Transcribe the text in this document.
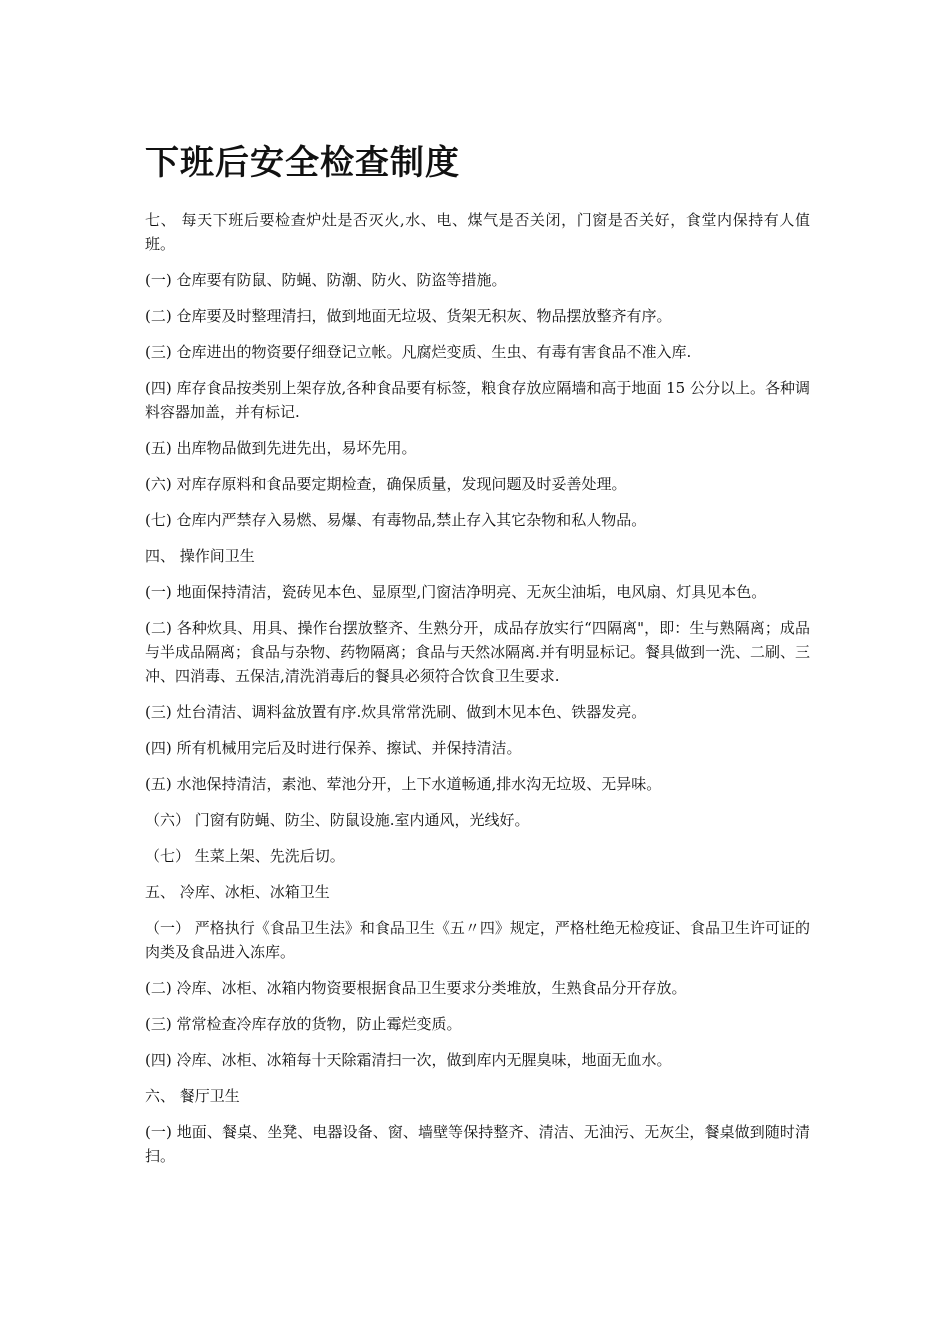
下班后安全检查制度

七、 每天下班后要检查炉灶是否灭火,水、电、煤气是否关闭，门窗是否关好，食堂内保持有人值班。

(一) 仓库要有防鼠、防蝇、防潮、防火、防盗等措施。

(二) 仓库要及时整理清扫，做到地面无垃圾、货架无积灰、物品摆放整齐有序。

(三) 仓库进出的物资要仔细登记立帐。凡腐烂变质、生虫、有毒有害食品不准入库.

(四) 库存食品按类别上架存放,各种食品要有标签，粮食存放应隔墙和高于地面 15 公分以上。各种调料容器加盖，并有标记.

(五) 出库物品做到先进先出，易坏先用。

(六) 对库存原料和食品要定期检查，确保质量，发现问题及时妥善处理。

(七) 仓库内严禁存入易燃、易爆、有毒物品,禁止存入其它杂物和私人物品。

四、 操作间卫生

(一) 地面保持清洁，瓷砖见本色、显原型,门窗洁净明亮、无灰尘油垢，电风扇、灯具见本色。

(二) 各种炊具、用具、操作台摆放整齐、生熟分开，成品存放实行“四隔离"，即：生与熟隔离；成品与半成品隔离；食品与杂物、药物隔离；食品与天然冰隔离.并有明显标记。餐具做到一洗、二刷、三冲、四消毒、五保洁,清洗消毒后的餐具必须符合饮食卫生要求.

(三) 灶台清洁、调料盆放置有序.炊具常常洗刷、做到木见本色、铁器发亮。

(四) 所有机械用完后及时进行保养、擦试、并保持清洁。

(五) 水池保持清洁，素池、荤池分开，上下水道畅通,排水沟无垃圾、无异味。

（六） 门窗有防蝇、防尘、防鼠设施.室内通风，光线好。

（七） 生菜上架、先洗后切。

五、 冷库、冰柜、冰箱卫生

（一） 严格执行《食品卫生法》和食品卫生《五〃四》规定，严格杜绝无检疫证、食品卫生许可证的肉类及食品进入冻库。

(二) 冷库、冰柜、冰箱内物资要根据食品卫生要求分类堆放，生熟食品分开存放。

(三) 常常检查冷库存放的货物，防止霉烂变质。

(四) 冷库、冰柜、冰箱每十天除霜清扫一次，做到库内无腥臭味，地面无血水。

六、 餐厅卫生

(一) 地面、餐桌、坐凳、电器设备、窗、墙壁等保持整齐、清洁、无油污、无灰尘，餐桌做到随时清扫。
